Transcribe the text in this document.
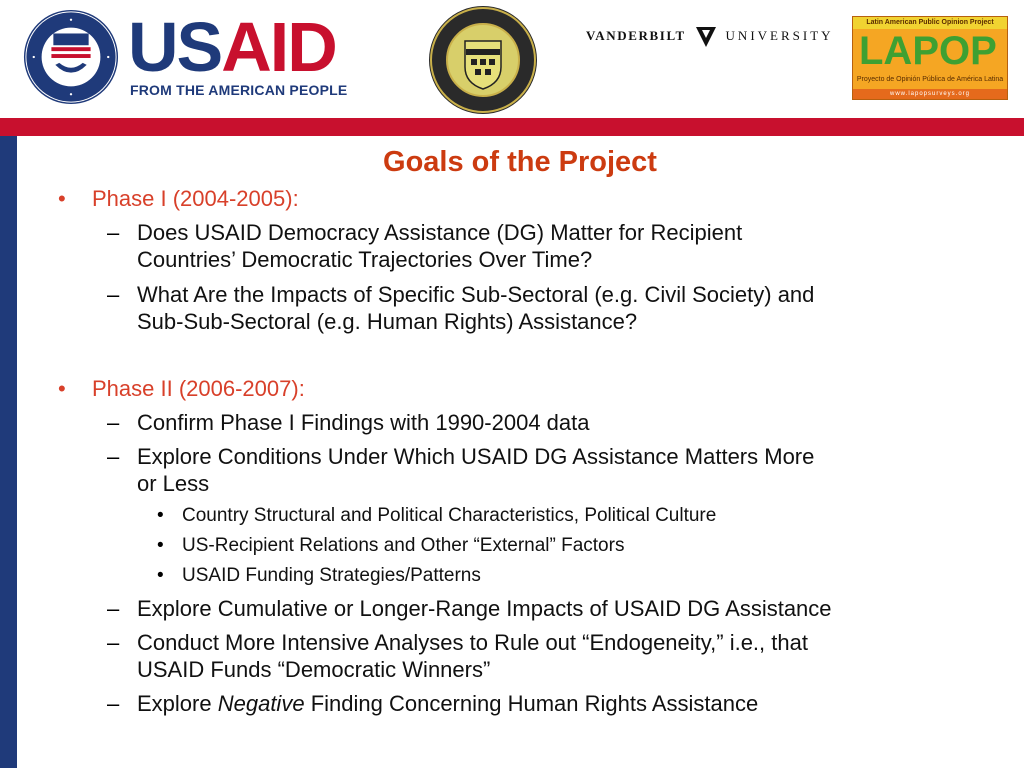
USAID
FROM THE AMERICAN PEOPLE
VANDERBILT	UNIVERSITY
Latin American Public Opinion Project
LAPOP
Proyecto de Opinión Pública de América Latina
www.lapopsurveys.org
Goals of the Project
• Phase I (2004-2005):
– Does USAID Democracy Assistance (DG) Matter for Recipient
Countries’ Democratic Trajectories Over Time?
– What Are the Impacts of Specific Sub-Sectoral (e.g. Civil Society) and
Sub-Sub-Sectoral (e.g. Human Rights) Assistance?
• Phase II (2006-2007):
– Confirm Phase I Findings with 1990-2004 data
– Explore Conditions Under Which USAID DG Assistance Matters More
or Less
• Country Structural and Political Characteristics, Political Culture
• US-Recipient Relations and Other “External” Factors
• USAID Funding Strategies/Patterns
– Explore Cumulative or Longer-Range Impacts of USAID DG Assistance
– Conduct More Intensive Analyses to Rule out “Endogeneity,” i.e., that
USAID Funds “Democratic Winners”
– Explore Negative Finding Concerning Human Rights Assistance
